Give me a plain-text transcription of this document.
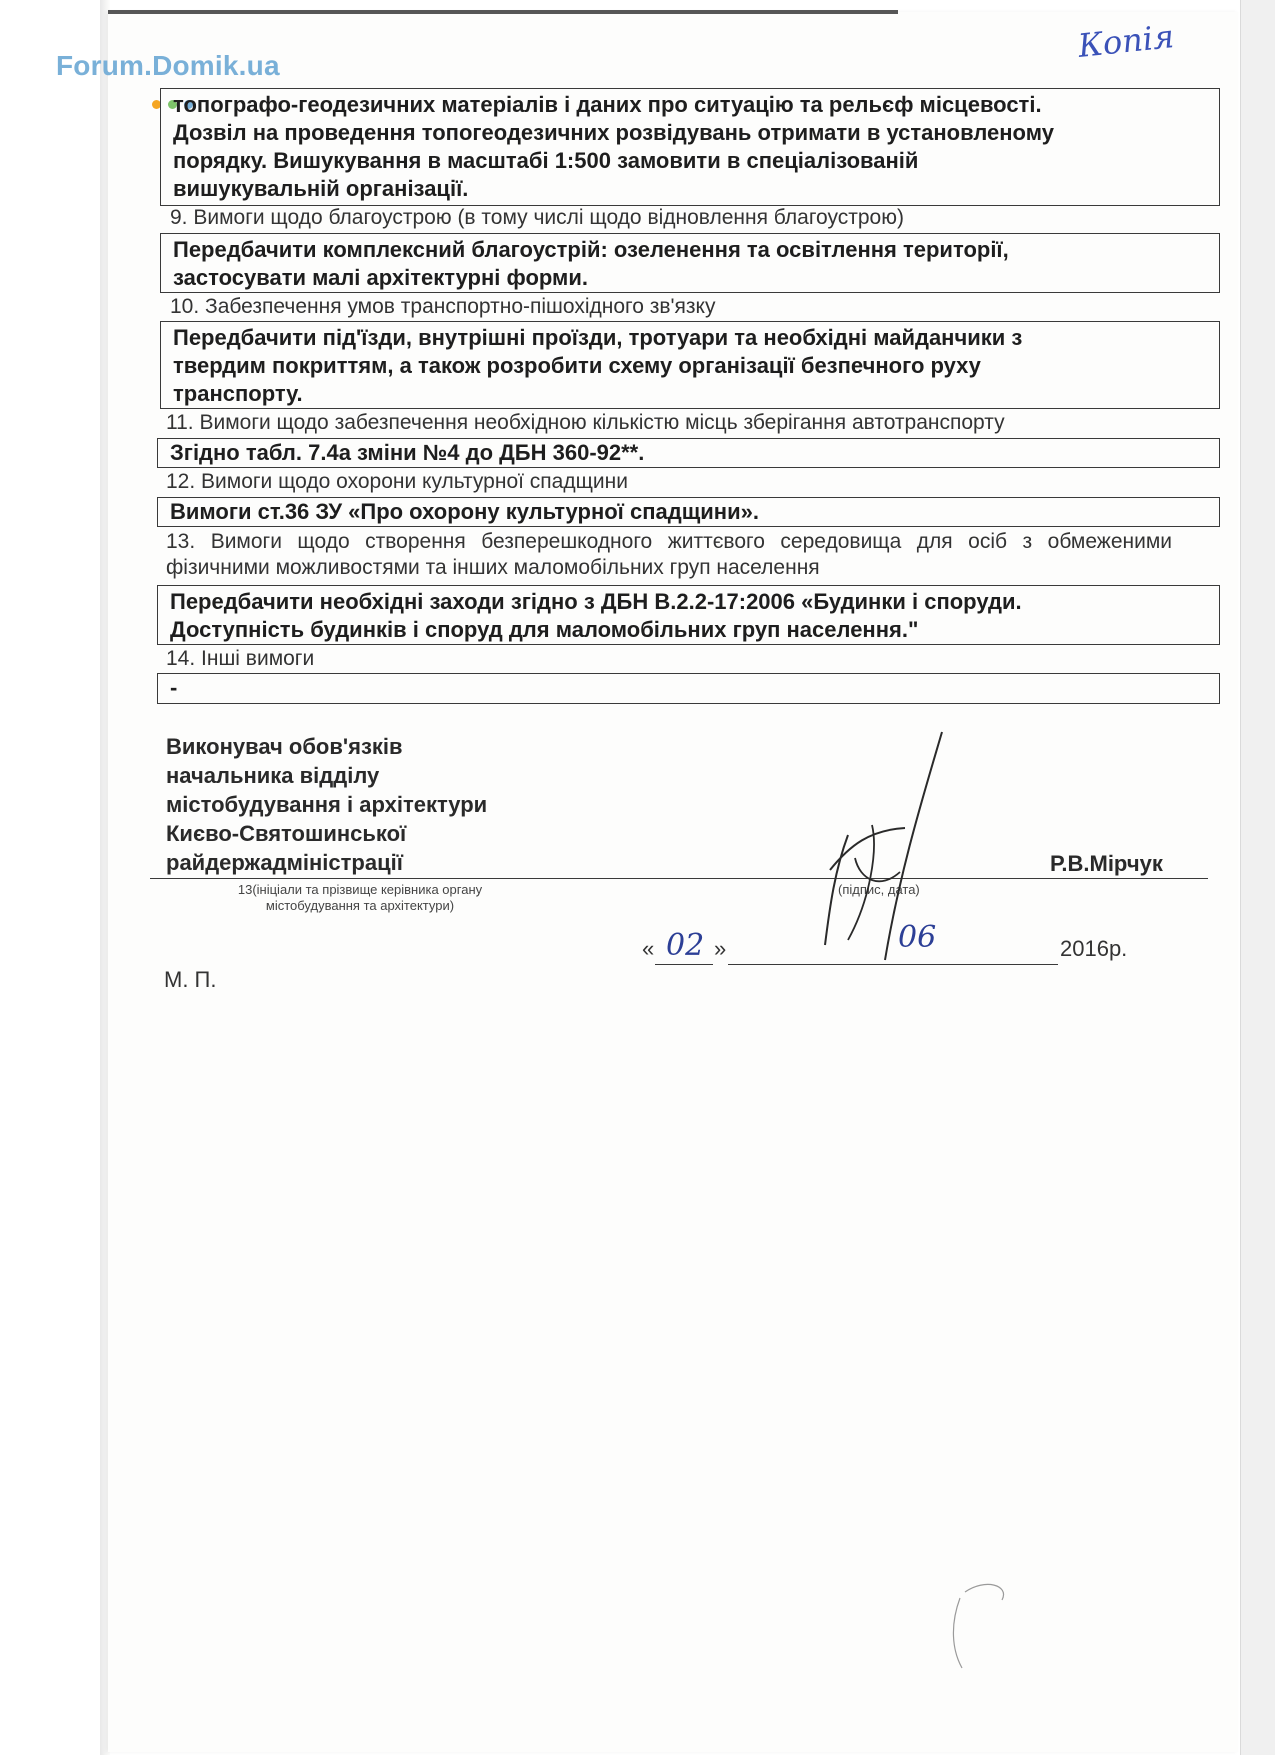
Forum.Domik.ua
Копія
топографо-геодезичних матеріалів і даних про ситуацію та рельєф місцевості.
Дозвіл на проведення топогеодезичних розвідувань отримати в установленому
порядку. Вишукування в масштабі 1:500 замовити в спеціалізованій
вишукувальній організації.
9. Вимоги щодо благоустрою (в тому числі щодо відновлення благоустрою)
Передбачити комплексний благоустрій: озеленення та освітлення території,
застосувати малі архітектурні форми.
10. Забезпечення умов транспортно-пішохідного зв'язку
Передбачити під'їзди, внутрішні проїзди, тротуари та необхідні майданчики з
твердим покриттям, а також розробити схему організації безпечного руху
транспорту.
11. Вимоги щодо забезпечення необхідною кількістю місць зберігання автотранспорту
Згідно табл. 7.4а зміни №4 до ДБН 360-92**.
12. Вимоги щодо охорони культурної спадщини
Вимоги ст.36 ЗУ «Про охорону культурної спадщини».
13. Вимоги щодо створення безперешкодного життєвого середовища для осіб з обмеженими фізичними можливостями та інших маломобільних груп населення
Передбачити необхідні заходи згідно з ДБН В.2.2-17:2006 «Будинки і споруди.
Доступність будинків і споруд для маломобільних груп населення."
14. Інші вимоги
-
Виконувач обов'язків
начальника відділу
містобудування і архітектури
Києво-Святошинської
райдержадміністрації	Р.В.Мірчук
13(ініціали та прізвище керівника органу
містобудування та архітектури)
(підпис, дата)
« 02 »	06	2016р.
М. П.
